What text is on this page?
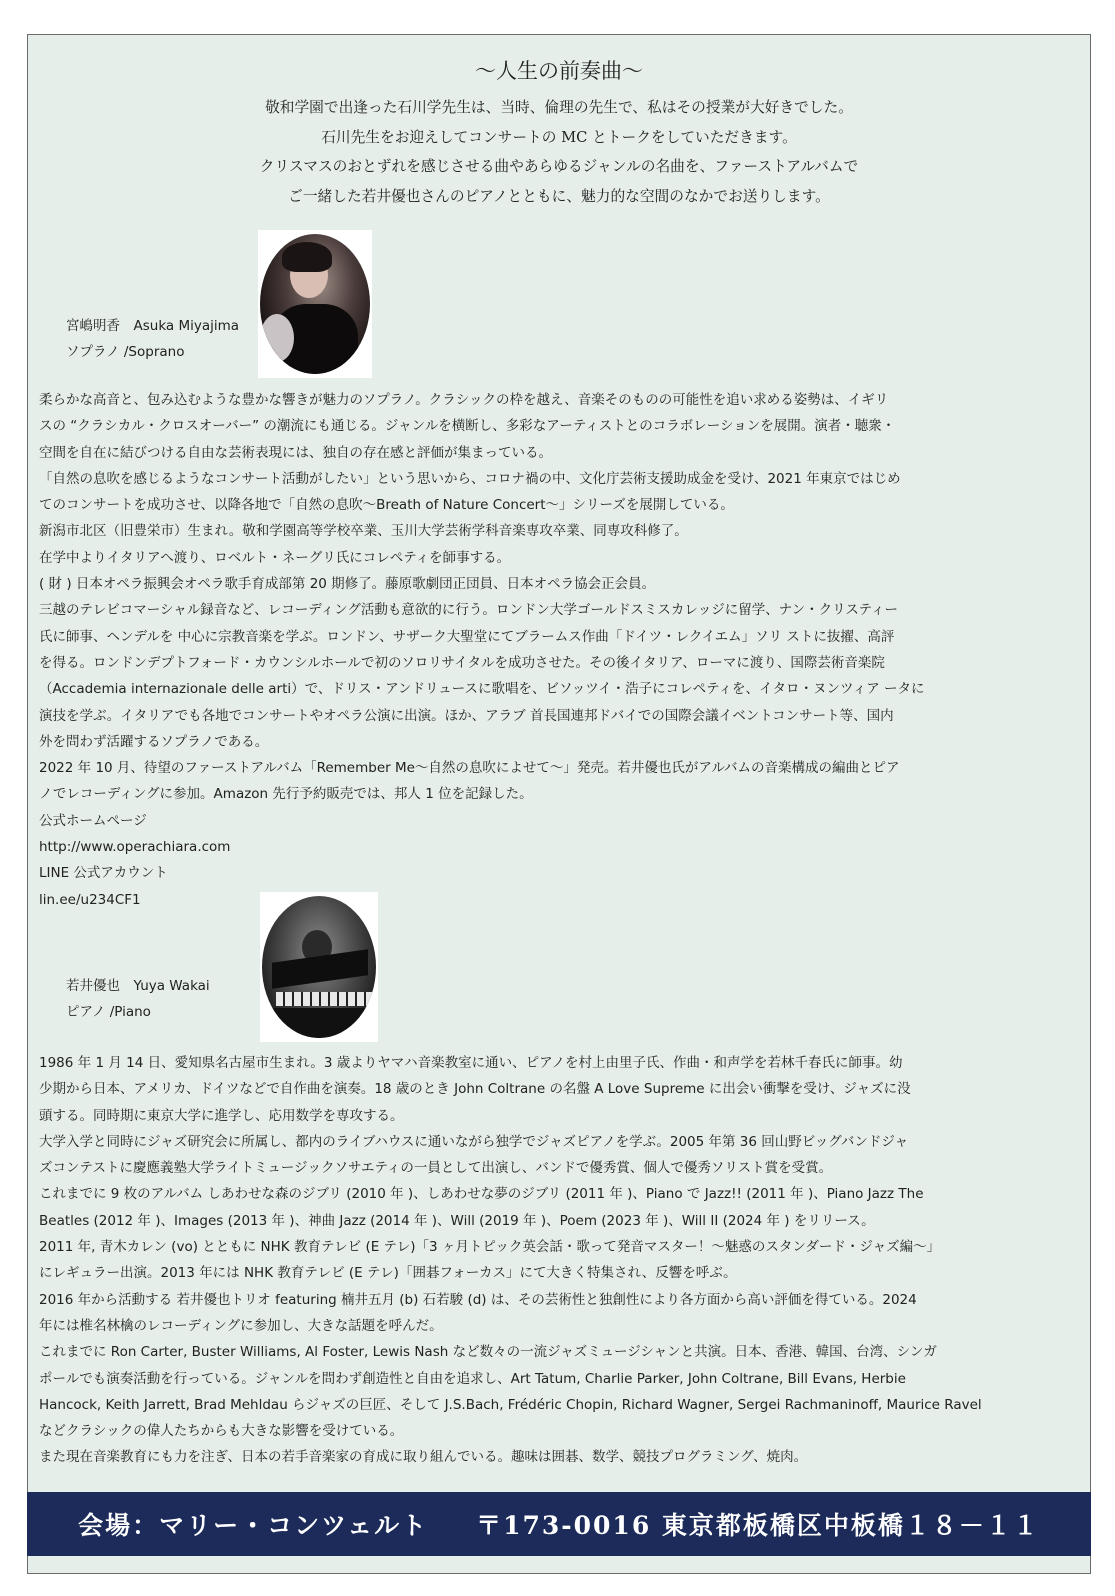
～人生の前奏曲～
敬和学園で出逢った石川学先生は、当時、倫理の先生で、私はその授業が大好きでした。
石川先生をお迎えしてコンサートの MC とトークをしていただきます。
クリスマスのおとずれを感じさせる曲やあらゆるジャンルの名曲を、ファーストアルバムで
ご一緒した若井優也さんのピアノとともに、魅力的な空間のなかでお送りします。
宮嶋明香　Asuka Miyajima
ソプラノ /Soprano

柔らかな高音と、包み込むような豊かな響きが魅力のソプラノ。クラシックの枠を越え、音楽そのものの可能性を追い求める姿勢は、イギリ

スの “クラシカル・クロスオーバー” の潮流にも通じる。ジャンルを横断し、多彩なアーティストとのコラボレーションを展開。演者・聴衆・

空間を自在に結びつける自由な芸術表現には、独自の存在感と評価が集まっている。

「自然の息吹を感じるようなコンサート活動がしたい」という思いから、コロナ禍の中、文化庁芸術支援助成金を受け、2021 年東京ではじめ

てのコンサートを成功させ、以降各地で「自然の息吹～Breath of Nature Concert～」シリーズを展開している。

新潟市北区（旧豊栄市）生まれ。敬和学園高等学校卒業、玉川大学芸術学科音楽専攻卒業、同専攻科修了。

在学中よりイタリアへ渡り、ロベルト・ネーグリ氏にコレペティを師事する。

( 財 ) 日本オペラ振興会オペラ歌手育成部第 20 期修了。藤原歌劇団正団員、日本オペラ協会正会員。

三越のテレビコマーシャル録音など、レコーディング活動も意欲的に行う。ロンドン大学ゴールドスミスカレッジに留学、ナン・クリスティー

氏に師事、ヘンデルを 中心に宗教音楽を学ぶ。ロンドン、サザーク大聖堂にてブラームス作曲「ドイツ・レクイエム」ソリ ストに抜擢、高評

を得る。ロンドンデプトフォード・カウンシルホールで初のソロリサイタルを成功させた。その後イタリア、ローマに渡り、国際芸術音楽院

（Accademia internazionale delle arti）で、ドリス・アンドリュースに歌唱を、ビソッツイ・浩子にコレペティを、イタロ・ヌンツィア ータに

演技を学ぶ。イタリアでも各地でコンサートやオペラ公演に出演。ほか、アラブ 首長国連邦ドバイでの国際会議イベントコンサート等、国内

外を問わず活躍するソプラノである。

2022 年 10 月、待望のファーストアルバム「Remember Me～自然の息吹によせて～」発売。若井優也氏がアルバムの音楽構成の編曲とピア

ノでレコーディングに参加。Amazon 先行予約販売では、邦人 1 位を記録した。

公式ホームページ

http://www.operachiara.com

LINE 公式アカウント

lin.ee/u234CF1

若井優也　Yuya Wakai
ピアノ /Piano

1986 年 1 月 14 日、愛知県名古屋市生まれ。3 歳よりヤマハ音楽教室に通い、ピアノを村上由里子氏、作曲・和声学を若林千春氏に師事。幼

少期から日本、アメリカ、ドイツなどで自作曲を演奏。18 歳のとき John Coltrane の名盤 A Love Supreme に出会い衝撃を受け、ジャズに没

頭する。同時期に東京大学に進学し、応用数学を専攻する。

大学入学と同時にジャズ研究会に所属し、都内のライブハウスに通いながら独学でジャズピアノを学ぶ。2005 年第 36 回山野ビッグバンドジャ

ズコンテストに慶應義塾大学ライトミュージックソサエティの一員として出演し、バンドで優秀賞、個人で優秀ソリスト賞を受賞。

これまでに 9 枚のアルバム しあわせな森のジブリ (2010 年 )、しあわせな夢のジブリ (2011 年 )、Piano で Jazz!! (2011 年 )、Piano Jazz The

Beatles (2012 年 )、Images (2013 年 )、神曲 Jazz (2014 年 )、Will (2019 年 )、Poem (2023 年 )、Will II (2024 年 ) をリリース。

2011 年, 青木カレン (vo) とともに NHK 教育テレビ (E テレ)「3 ヶ月トピック英会話・歌って発音マスター！～魅惑のスタンダード・ジャズ編～」

にレギュラー出演。2013 年には NHK 教育テレビ (E テレ)「囲碁フォーカス」にて大きく特集され、反響を呼ぶ。

2016 年から活動する 若井優也トリオ featuring 楠井五月 (b) 石若駿 (d) は、その芸術性と独創性により各方面から高い評価を得ている。2024

年には椎名林檎のレコーディングに参加し、大きな話題を呼んだ。

これまでに Ron Carter, Buster Williams, Al Foster, Lewis Nash など数々の一流ジャズミュージシャンと共演。日本、香港、韓国、台湾、シンガ

ポールでも演奏活動を行っている。ジャンルを問わず創造性と自由を追求し、Art Tatum, Charlie Parker, John Coltrane, Bill Evans, Herbie

Hancock, Keith Jarrett, Brad Mehldau らジャズの巨匠、そして J.S.Bach, Frédéric Chopin, Richard Wagner, Sergei Rachmaninoff, Maurice Ravel

などクラシックの偉人たちからも大きな影響を受けている。

また現在音楽教育にも力を注ぎ、日本の若手音楽家の育成に取り組んでいる。趣味は囲碁、数学、競技プログラミング、焼肉。

会場：マリー・コンツェルト 〒173-0016 東京都板橋区中板橋１８－１１
